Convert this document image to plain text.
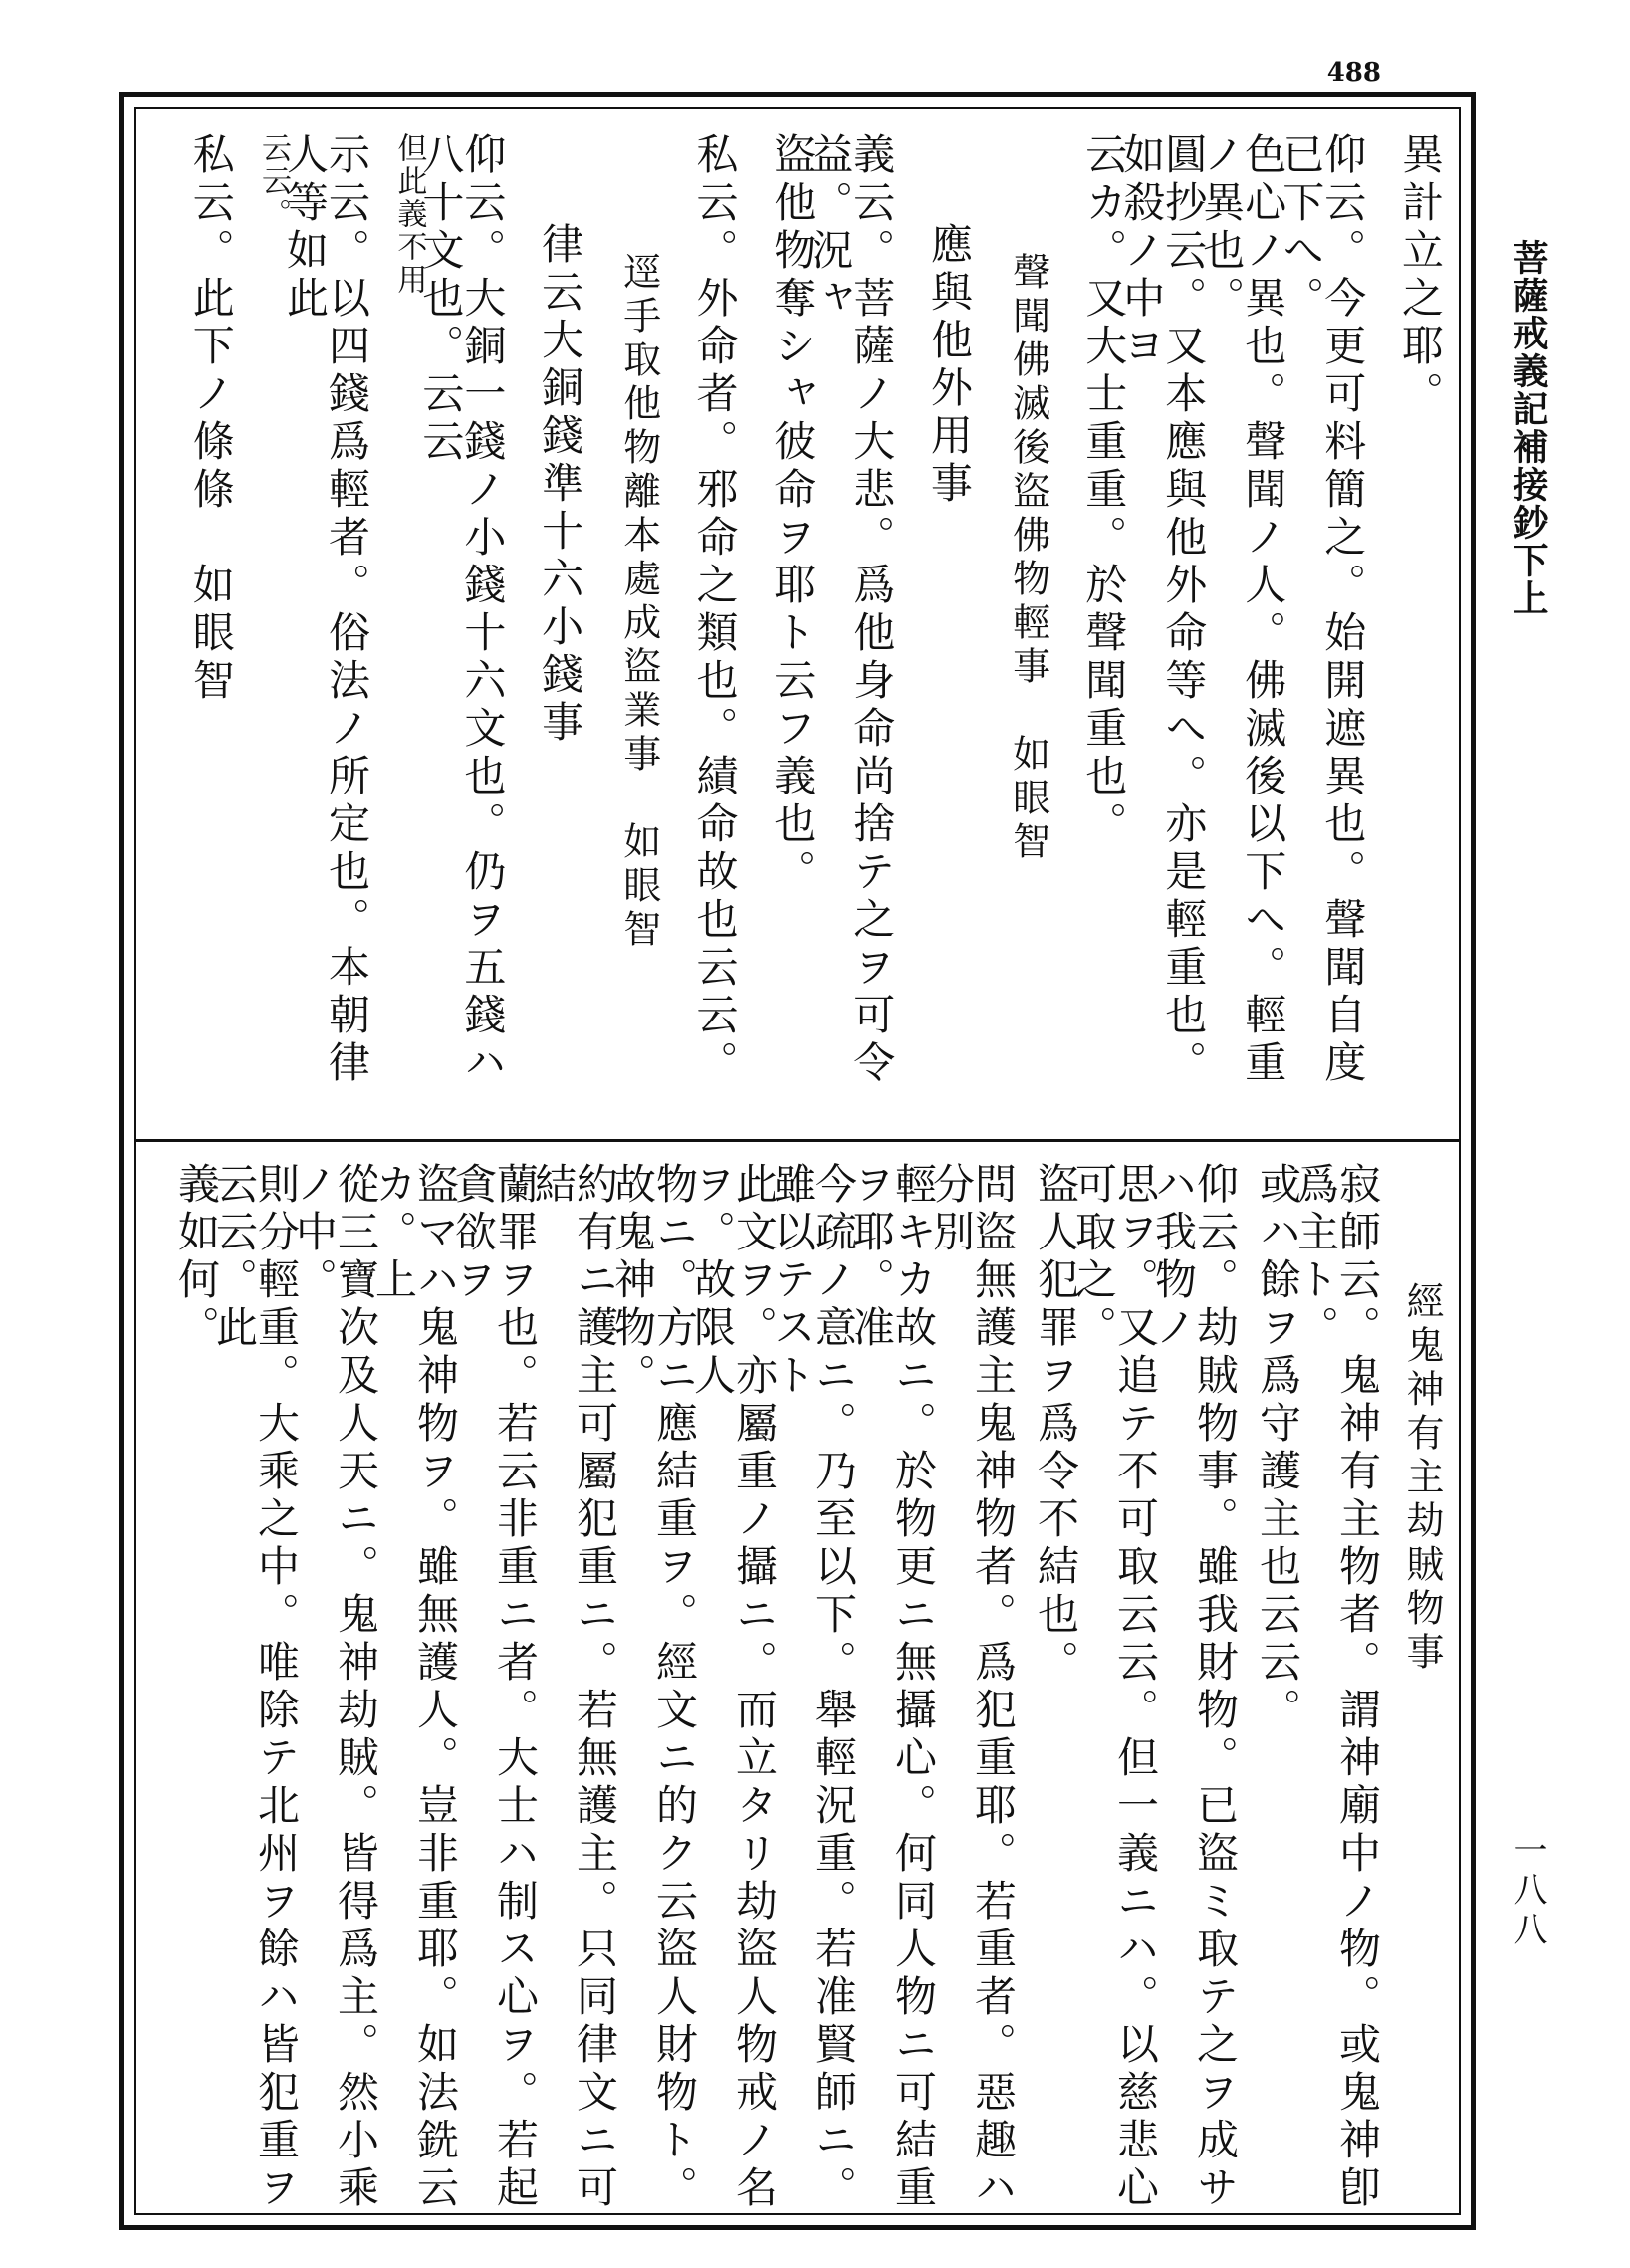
488
菩薩戒義記補接鈔下上
一八八
異計立之耶。
仰云。今更可料簡之。始開遮異也。聲聞自度已下へ。
色心ノ異也。聲聞ノ人。佛滅後以下へ。輕重ノ異也。
圓抄云。又本應與他外命等へ。亦是輕重也。如殺ノ中ヨ
云カ。又大士重重。於聲聞重也。
聲聞佛滅後盜佛物輕事　如眼智
應與他外用事
義云。菩薩ノ大悲。爲他身命尚捨テ之ヲ可令益。況ャ
盜他物奪シャ彼命ヲ耶ト云フ義也。
私云。外命者。邪命之類也。績命故也云云。
逕手取他物離本處成盜業事　如眼智
律云大銅錢準十六小錢事
仰云。大銅一錢ノ小錢十六文也。仍ヲ五錢ハ八十文也。云云
但此義不用
示云。以四錢爲輕者。俗法ノ所定也。本朝律人等如此
云云。
私云。此下ノ條條　如眼智
經鬼神有主劫賊物事
寂師云。鬼神有主物者。謂神廟中ノ物。或鬼神卽爲主ト。
或ハ餘ヲ爲守護主也云云。
仰云。劫賊物事。雖我財物。已盜ミ取テ之ヲ成サハ我物ノ
思ヲ。又追テ不可取云云。但一義ニハ。以慈悲心可取之。
盜人犯罪ヲ爲令不結也。
問盜無護主鬼神物者。爲犯重耶。若重者。惡趣ハ分別
輕キカ故ニ。於物更ニ無攝心。何同人物ニ可結重ヲ耶。准
今疏ノ意ニ。乃至以下。舉輕況重。若准賢師ニ。雖以テスト
此文ヲ。亦屬重ノ攝ニ。而立タリ劫盜人物戒ノ名ヲ。故限人
物ニ。方ニ應結重ヲ。經文ニ的ク云盜人財物ト。故鬼神物。
約有ニ護主可屬犯重ニ。若無護主。只同律文ニ可結
蘭罪ヲ也。若云非重ニ者。大士ハ制ス心ヲ。若起貪欲ヲ
盜マハ鬼神物ヲ。雖無護人。豈非重耶。如法銑云カ。上
從三寶次及人天ニ。鬼神劫賊。皆得爲主。然小乘ノ中。
則分輕重。大乘之中。唯除テ北州ヲ餘ハ皆犯重ヲ云云。此
義如何。
